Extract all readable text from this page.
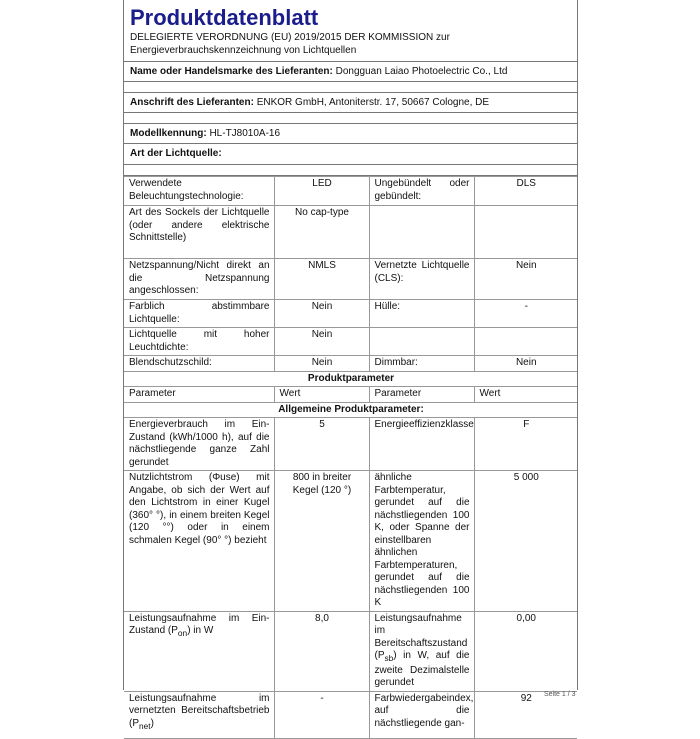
Produktdatenblatt
DELEGIERTE VERORDNUNG (EU) 2019/2015 DER KOMMISSION zur Energieverbrauchskennzeichnung von Lichtquellen
Name oder Handelsmarke des Lieferanten: Dongguan Laiao Photoelectric Co., Ltd
Anschrift des Lieferanten: ENKOR GmbH, Antoniterstr. 17, 50667 Cologne, DE
Modellkennung: HL-TJ8010A-16
Art der Lichtquelle:
Verwendete Beleuchtungstechnologie:	LED	Ungebündelt oder gebündelt:	DLS
Art des Sockels der Lichtquelle (oder andere elektrische Schnittstelle)	No cap-type		
Netzspannung/Nicht direkt an die Netzspannung angeschlossen:	NMLS	Vernetzte Lichtquelle (CLS):	Nein
Farblich abstimmbare Lichtquelle:	Nein	Hülle:	-
Lichtquelle mit hoher Leuchtdichte:	Nein		
Blendschutzschild:	Nein	Dimmbar:	Nein
Produktparameter			
Parameter	Wert	Parameter	Wert
Allgemeine Produktparameter:			
Energieverbrauch im Ein-Zustand (kWh/1000 h), auf die nächstliegende ganze Zahl gerundet	5	Energieeffizienzklasse	F
Nutzlichtstrom (Φuse) mit Angabe, ob sich der Wert auf den Lichtstrom in einer Kugel (360° °), in einem breiten Kegel (120 °°) oder in einem schmalen Kegel (90° °) bezieht	800 in breiter Kegel (120 °)	ähnliche Farbtemperatur, gerundet auf die nächstliegenden 100 K, oder Spanne der einstellbaren ähnlichen Farbtemperaturen, gerundet auf die nächstliegenden 100 K	5 000
Leistungsaufnahme im Ein-Zustand $(P_{on})$ in W	8,0	Leistungsaufnahme im Bereitschaftszustand $(P_{sb})$ in W, auf die zweite Dezimalstelle gerundet	0,00
Leistungsaufnahme im vernetzten Bereitschaftsbetrieb $(P_{net})$	-	Farbwiedergabeindex, auf die nächstliegende gan-	92 Seite 1 / 3
